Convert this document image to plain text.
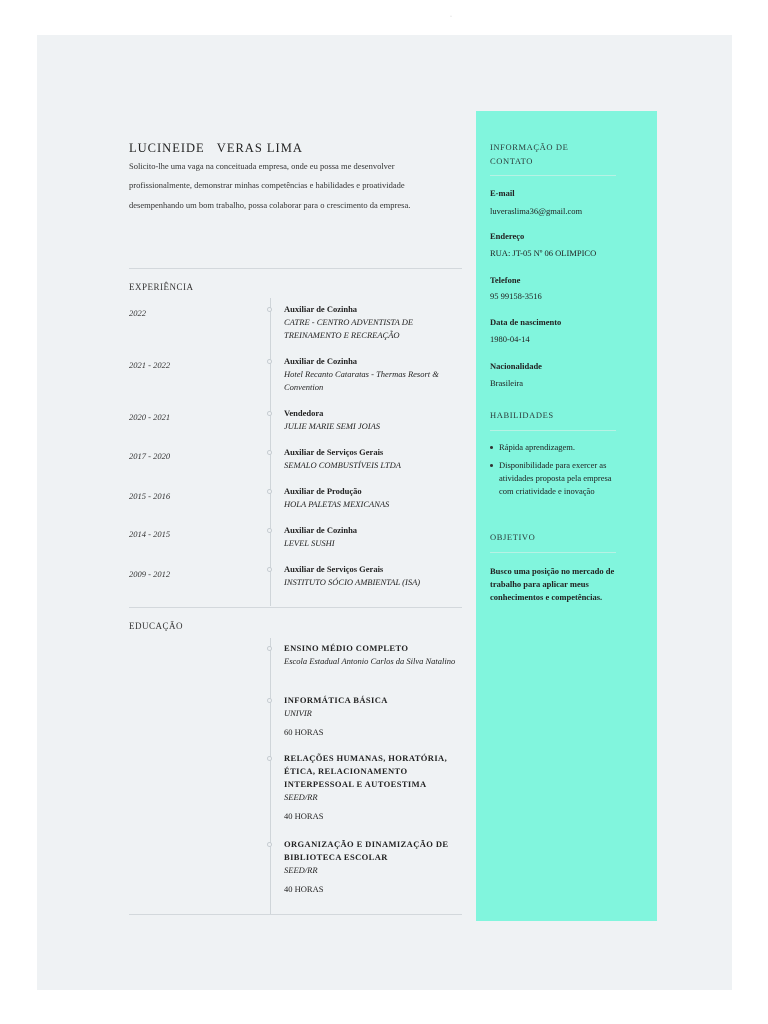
·
LUCINEIDE   VERAS LIMA
Solicito-lhe uma vaga na conceituada empresa, onde eu possa me desenvolver profissionalmente, demonstrar minhas competências e habilidades e proatividade desempenhando um bom trabalho, possa colaborar para o crescimento da empresa.
EXPERIÊNCIA
2022	Auxiliar de Cozinha
CATRE - CENTRO ADVENTISTA DE TREINAMENTO E RECREAÇÃO
2021 - 2022	Auxiliar de Cozinha
Hotel Recanto Cataratas - Thermas Resort & Convention
2020 - 2021	Vendedora
JULIE MARIE SEMI JOIAS
2017 - 2020	Auxiliar de Serviços Gerais
SEMALO COMBUSTÍVEIS LTDA
2015 - 2016	Auxiliar de Produção
HOLA PALETAS MEXICANAS
2014 - 2015	Auxiliar de Cozinha
LEVEL SUSHI
2009 - 2012	Auxiliar de Serviços Gerais
INSTITUTO SÓCIO AMBIENTAL (ISA)
EDUCAÇÃO
ENSINO MÉDIO COMPLETO
Escola Estadual Antonio Carlos da Silva Natalino
INFORMÁTICA BÁSICA
UNIVIR
60 HORAS
RELAÇÕES HUMANAS, HORATÓRIA, ÉTICA, RELACIONAMENTO INTERPESSOAL E AUTOESTIMA
SEED/RR
40 HORAS
ORGANIZAÇÃO E DINAMIZAÇÃO DE BIBLIOTECA ESCOLAR
SEED/RR
40 HORAS
INFORMAÇÃO DE CONTATO
E-mail
luveraslima36@gmail.com
Endereço
RUA: JT-05 Nº 06 OLIMPICO
Telefone
95 99158-3516
Data de nascimento
1980-04-14
Nacionalidade
Brasileira
HABILIDADES
Rápida aprendizagem.
Disponibilidade para exercer as atividades proposta pela empresa com criatividade e inovação
OBJETIVO
Busco uma posição no mercado de trabalho para aplicar meus conhecimentos e competências.
